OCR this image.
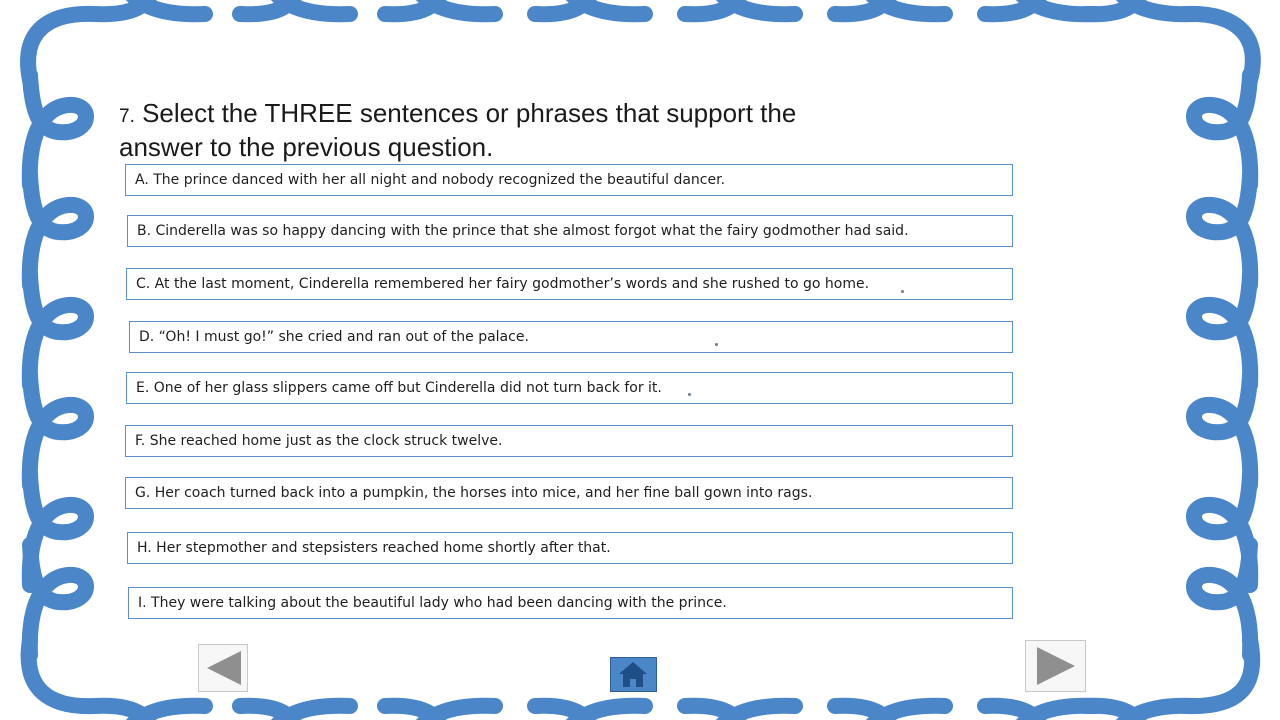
7. Select the THREE sentences or phrases that support the answer to the previous question.
A. The prince danced with her all night and nobody recognized the beautiful dancer.
B. Cinderella was so happy dancing with the prince that she almost forgot what the fairy godmother had said.
C. At the last moment, Cinderella remembered her fairy godmother’s words and she rushed to go home.
D. “Oh! I must go!” she cried and ran out of the palace.
E. One of her glass slippers came off but Cinderella did not turn back for it.
F. She reached home just as the clock struck twelve.
G. Her coach turned back into a pumpkin, the horses into mice, and her fine ball gown into rags.
H. Her stepmother and stepsisters reached home shortly after that.
I. They were talking about the beautiful lady who had been dancing with the prince.
